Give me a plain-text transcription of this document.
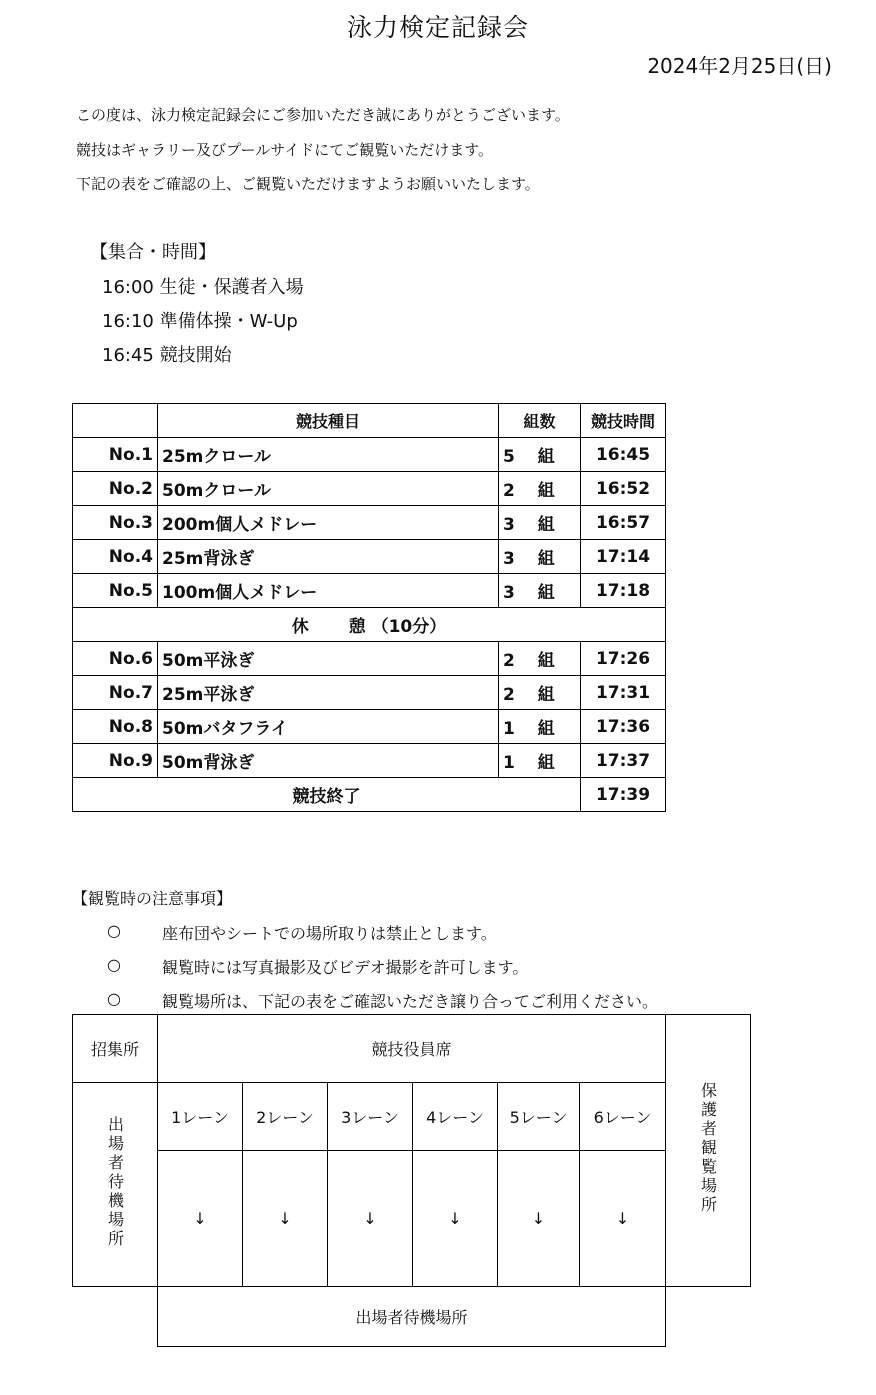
泳力検定記録会
2024年2月25日(日)
この度は、泳力検定記録会にご参加いただき誠にありがとうございます。
競技はギャラリー及びプールサイドにてご観覧いただけます。
下記の表をご確認の上、ご観覧いただけますようお願いいたします。
【集合・時間】
16:00 生徒・保護者入場
16:10 準備体操・W-Up
16:45 競技開始
	競技種目	組数	競技時間
No.1	25mクロール	5　 組	16:45
No.2	50mクロール	2　 組	16:52
No.3	200m個人メドレー	3　 組	16:57
No.4	25m背泳ぎ	3　 組	17:14
No.5	100m個人メドレー	3　 組	17:18
休　　 憩 （10分）			
No.6	50m平泳ぎ	2　 組	17:26
No.7	25m平泳ぎ	2　 組	17:31
No.8	50mバタフライ	1　 組	17:36
No.9	50m背泳ぎ	1　 組	17:37
競技終了			17:39
【観覧時の注意事項】
○	座布団やシートでの場所取りは禁止とします。
○	観覧時には写真撮影及びビデオ撮影を許可します。
○	観覧場所は、下記の表をご確認いただき譲り合ってご利用ください。
招集所	競技役員席						保護者観覧場所
出場者待機場所	1レーン	2レーン	3レーン	4レーン	5レーン	6レーン	
	↓	↓	↓	↓	↓	↓	
	出場者待機場所						
